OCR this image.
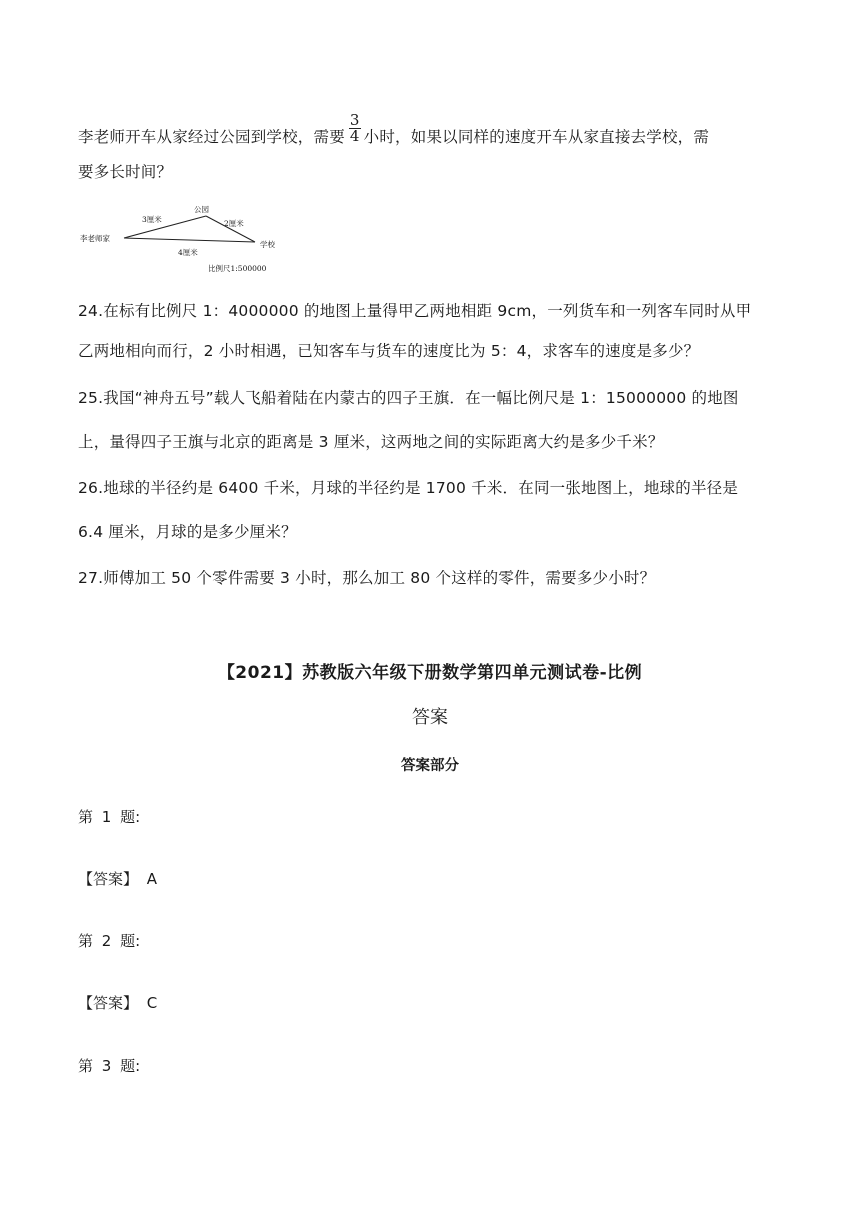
李老师开车从家经过公园到学校，需要 $\frac{3}{4}$ 小时，如果以同样的速度开车从家直接去学校，需
要多长时间？
李老师家
公园
学校
3厘米	2厘米
4厘米
比例尺1:500000
24.在标有比例尺 1：4000000 的地图上量得甲乙两地相距 9cm，一列货车和一列客车同时从甲
乙两地相向而行，2 小时相遇，已知客车与货车的速度比为 5：4，求客车的速度是多少？
25.我国“神舟五号”载人飞船着陆在内蒙古的四子王旗．在一幅比例尺是 1：15000000 的地图
上，量得四子王旗与北京的距离是 3 厘米，这两地之间的实际距离大约是多少千米？
26.地球的半径约是 6400 千米，月球的半径约是 1700 千米．在同一张地图上，地球的半径是
6.4 厘米，月球的是多少厘米？
27.师傅加工 50 个零件需要 3 小时，那么加工 80 个这样的零件，需要多少小时？
【2021】苏教版六年级下册数学第四单元测试卷-比例
答案
答案部分
第 1 题:
【答案】 A
第 2 题:
【答案】 C
第 3 题:
